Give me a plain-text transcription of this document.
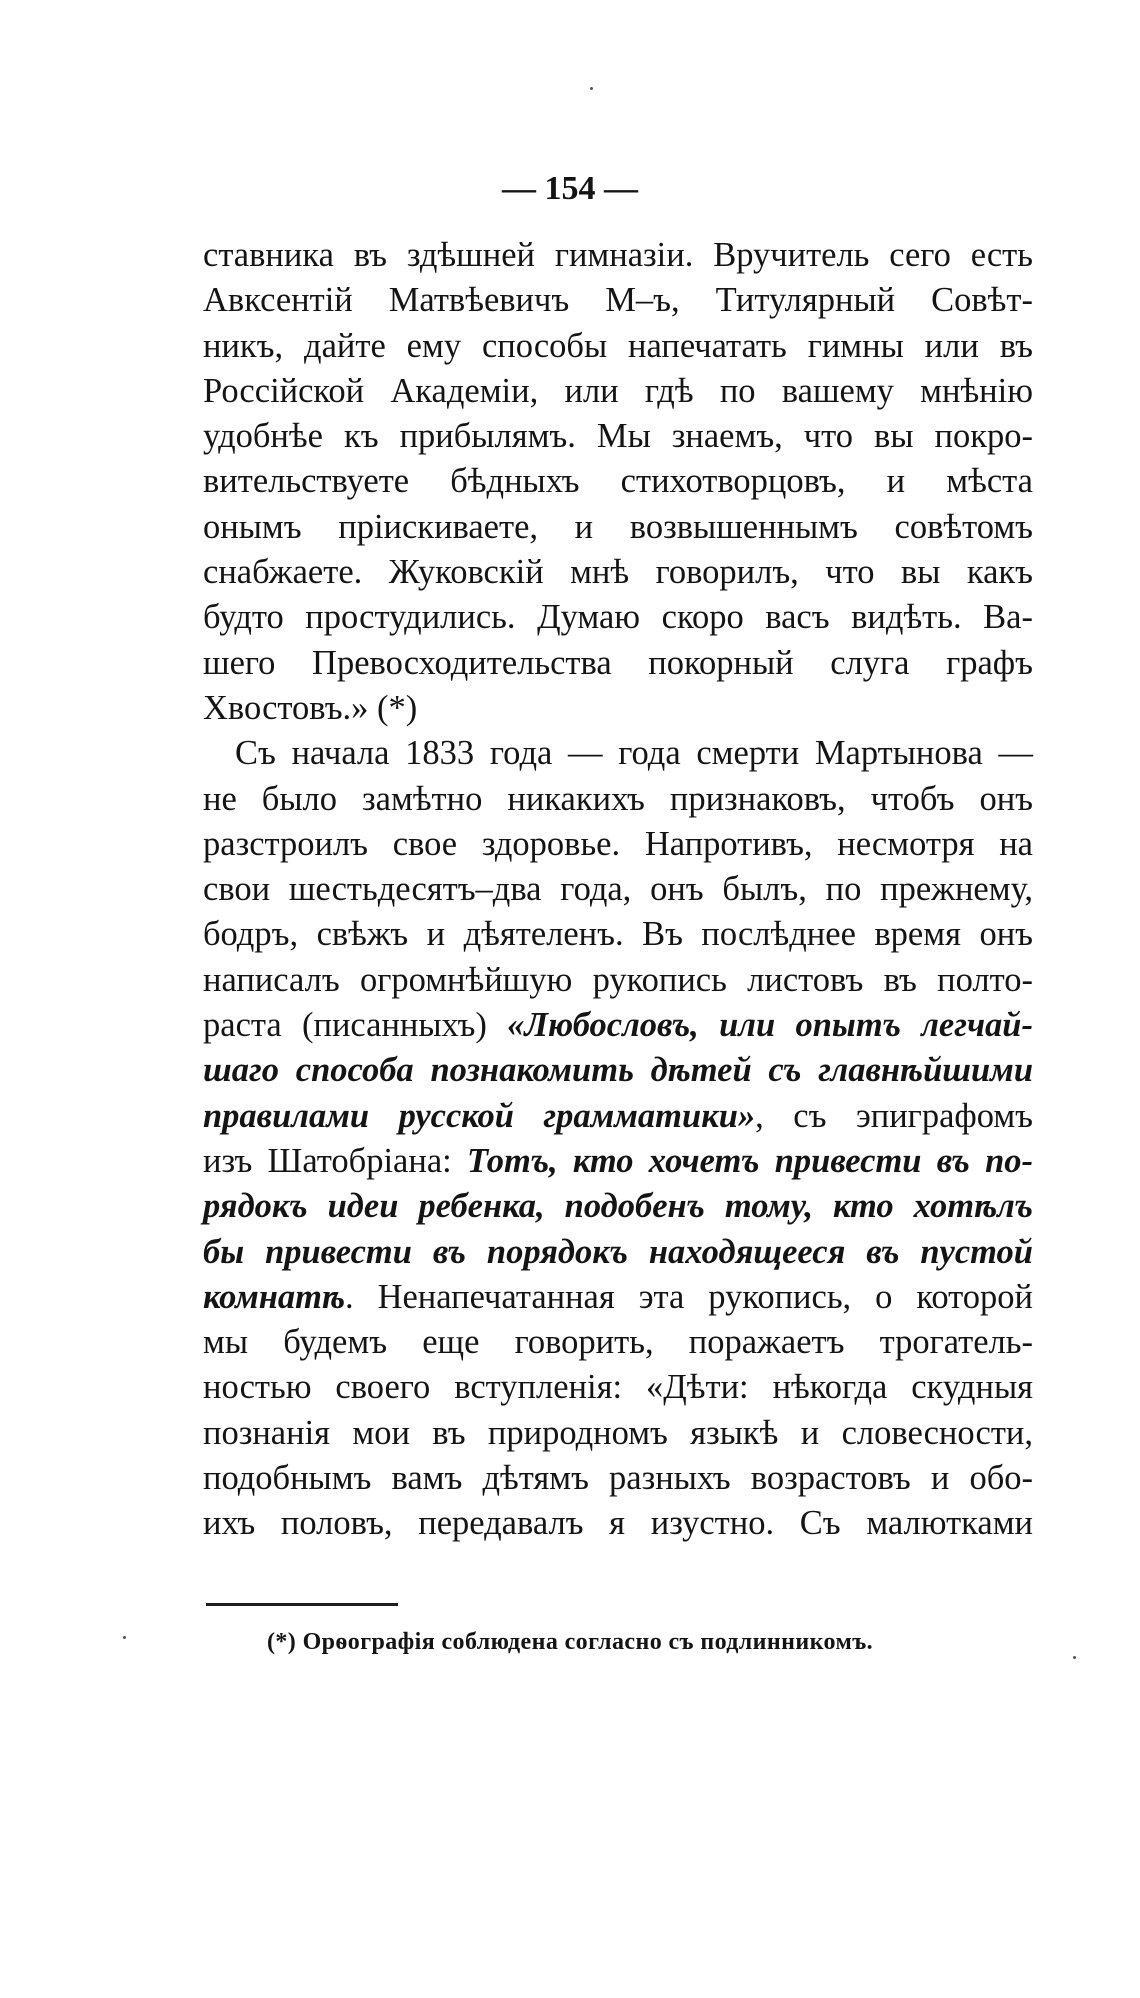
— 154 —
ставника въ здѣшней гимназіи. Вручитель сего есть
Авксентій Матвѣевичъ М–ъ, Титулярный Совѣт-
никъ, дайте ему способы напечатать гимны или въ
Россійской Академіи, или гдѣ по вашему мнѣнію
удобнѣе къ прибылямъ. Мы знаемъ, что вы покро-
вительствуете бѣдныхъ стихотворцовъ, и мѣста
онымъ пріискиваете, и возвышеннымъ совѣтомъ
снабжаете. Жуковскій мнѣ говорилъ, что вы какъ
будто простудились. Думаю скоро васъ видѣть. Ва-
шего Превосходительства покорный слуга графъ
Хвостовъ.» (*)
Съ начала 1833 года — года смерти Мартынова —
не было замѣтно никакихъ признаковъ, чтобъ онъ
разстроилъ свое здоровье. Напротивъ, несмотря на
свои шестьдесятъ–два года, онъ былъ, по прежнему,
бодръ, свѣжъ и дѣятеленъ. Въ послѣднее время онъ
написалъ огромнѣйшую рукопись листовъ въ полто-
раста (писанныхъ) «Любословъ, или опытъ легчай-
шаго способа познакомить дѣтей съ главнѣйшими
правилами русской грамматики», съ эпиграфомъ
изъ Шатобріана: Тотъ, кто хочетъ привести въ по-
рядокъ идеи ребенка, подобенъ тому, кто хотѣлъ
бы привести въ порядокъ находящееся въ пустой
комнатѣ. Ненапечатанная эта рукопись, о которой
мы будемъ еще говорить, поражаетъ трогатель-
ностью своего вступленія: «Дѣти: нѣкогда скудныя
познанія мои въ природномъ языкѣ и словесности,
подобнымъ вамъ дѣтямъ разныхъ возрастовъ и обо-
ихъ половъ, передавалъ я изустно. Съ малютками
(*) Орѳографія соблюдена согласно съ подлинникомъ.
